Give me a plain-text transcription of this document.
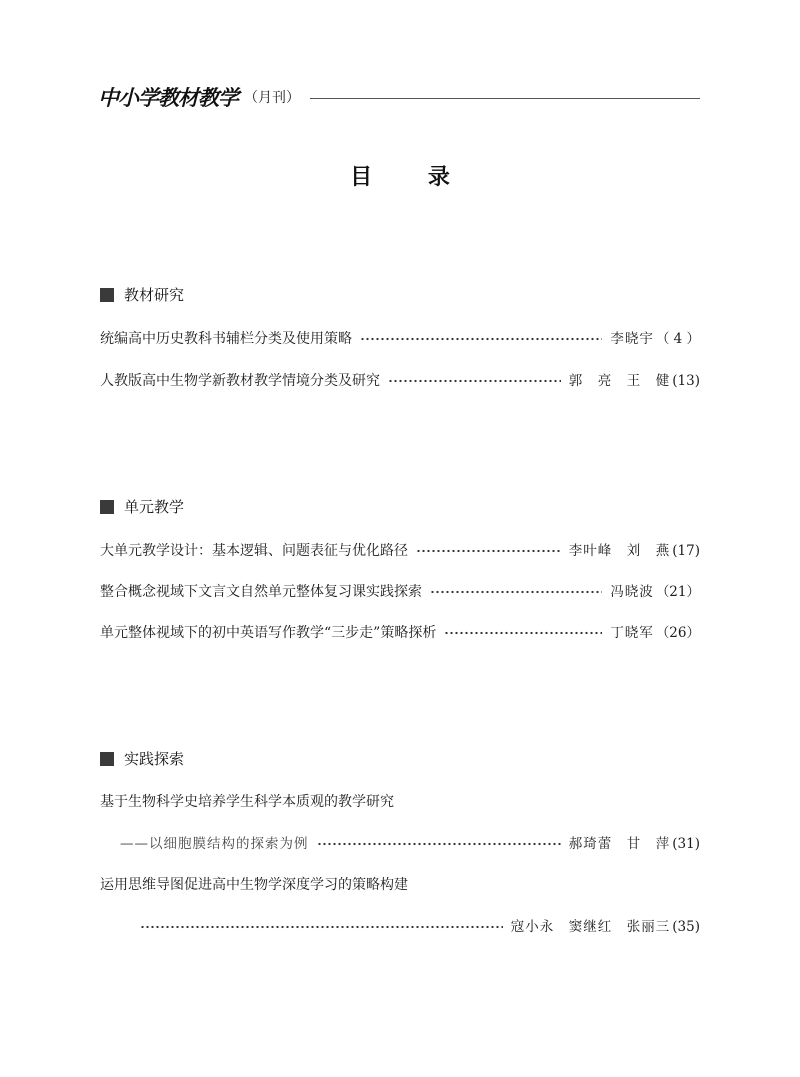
中小学教材教学 （月刊）
目 录
教材研究
统编高中历史教科书辅栏分类及使用策略	李晓宇 （ 4 ）
人教版高中生物学新教材教学情境分类及研究	郭　亮　王　健 (13)
单元教学
大单元教学设计：基本逻辑、问题表征与优化路径	李叶峰　刘　燕 (17)
整合概念视域下文言文自然单元整体复习课实践探索	冯晓波 （21）
单元整体视域下的初中英语写作教学“三步走”策略探析	丁晓军 （26）
实践探索
基于生物科学史培养学生科学本质观的教学研究
——以细胞膜结构的探索为例	郝琦蕾　甘　萍 (31)
运用思维导图促进高中生物学深度学习的策略构建
寇小永　窦继红　张丽三 (35)
